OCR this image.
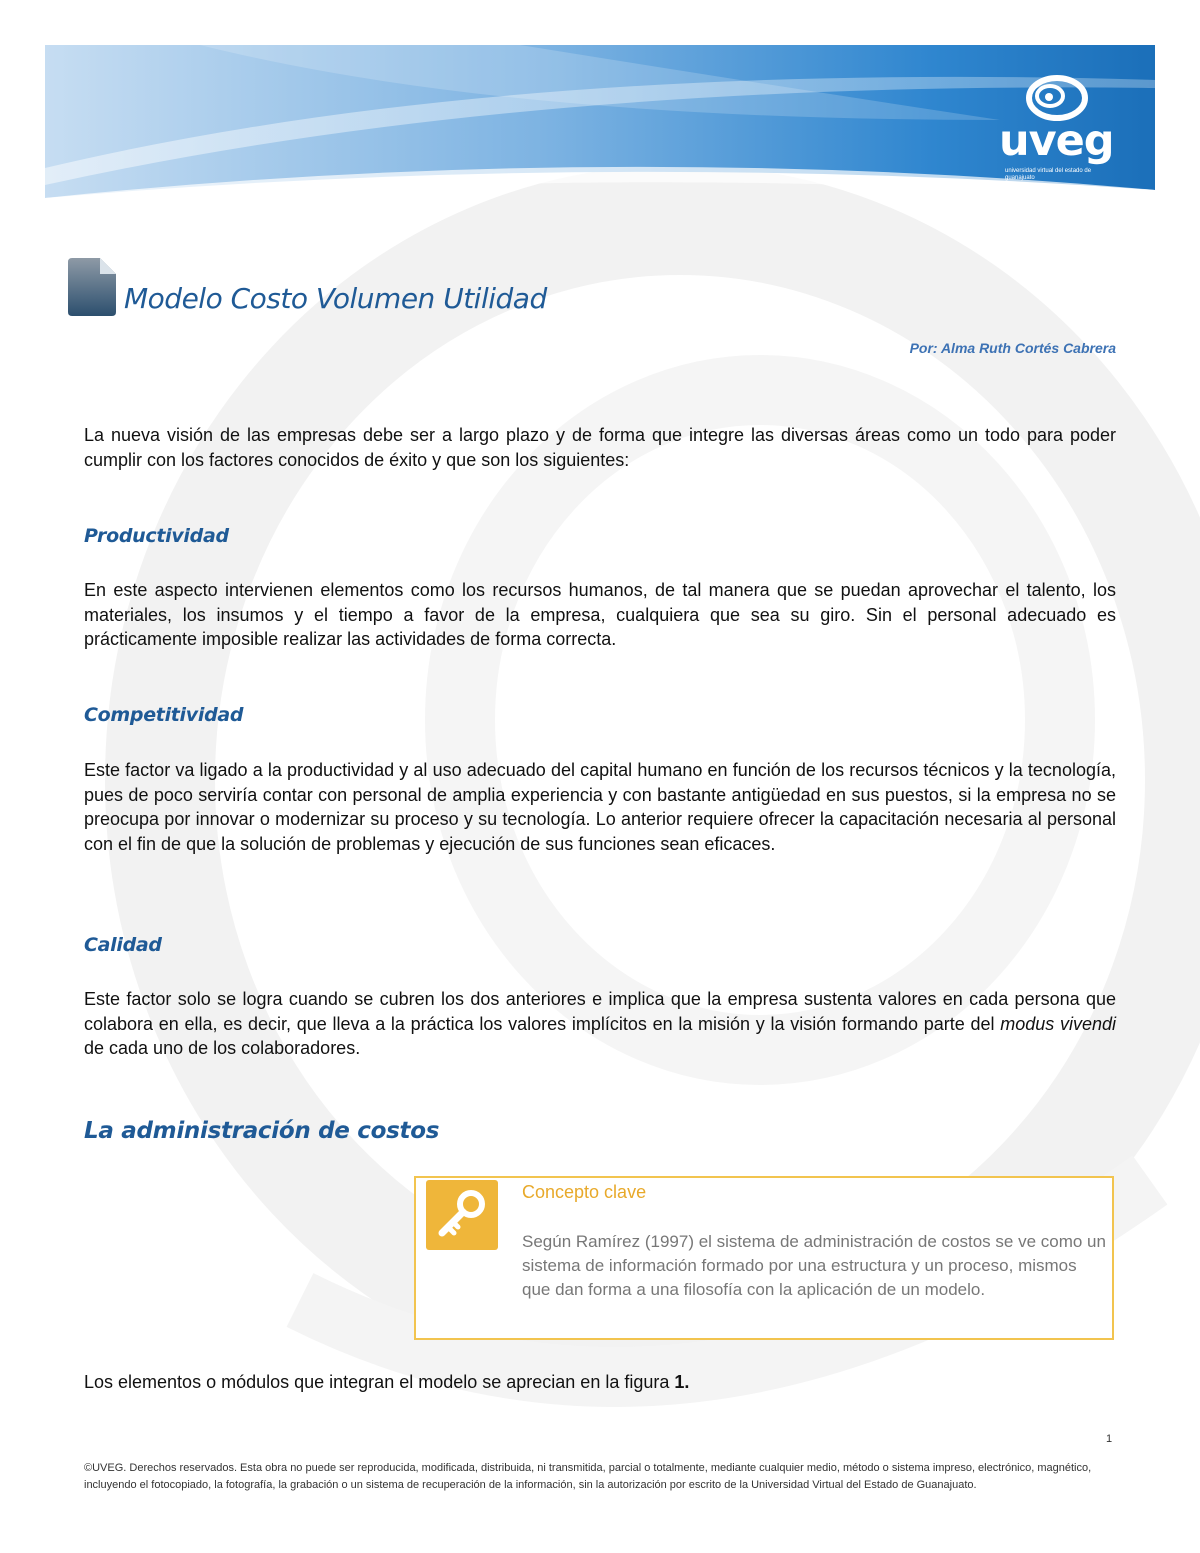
uveg
universidad virtual del estado de guanajuato
Modelo Costo Volumen Utilidad
Por: Alma Ruth Cortés Cabrera

La nueva visión de las empresas debe ser a largo plazo y de forma que integre las diversas áreas como un todo para poder cumplir con los factores conocidos de éxito y que son los siguientes:

Productividad

En este aspecto intervienen elementos como los recursos humanos, de tal manera que se puedan aprovechar el talento, los materiales, los insumos y el tiempo a favor de la empresa, cualquiera que sea su giro. Sin el personal adecuado es prácticamente imposible realizar las actividades de forma correcta.

Competitividad

Este factor va ligado a la productividad y al uso adecuado del capital humano en función de los recursos técnicos y la tecnología, pues de poco serviría contar con personal de amplia experiencia y con bastante antigüedad en sus puestos, si la empresa no se preocupa por innovar o modernizar su proceso y su tecnología. Lo anterior requiere ofrecer la capacitación necesaria al personal con el fin de que la solución de problemas y ejecución de sus funciones sean eficaces.

Calidad

Este factor solo se logra cuando se cubren los dos anteriores e implica que la empresa sustenta valores en cada persona que colabora en ella, es decir, que lleva a la práctica los valores implícitos en la misión y la visión formando parte del modus vivendi de cada uno de los colaboradores.

La administración de costos
Concepto clave

Según Ramírez (1997) el sistema de administración de costos se ve como un sistema de información formado por una estructura y un proceso, mismos que dan forma a una filosofía con la aplicación de un modelo.

Los elementos o módulos que integran el modelo se aprecian en la figura 1.

1

©UVEG. Derechos reservados. Esta obra no puede ser reproducida, modificada, distribuida, ni transmitida, parcial o totalmente, mediante cualquier medio, método o sistema impreso, electrónico, magnético, incluyendo el fotocopiado, la fotografía, la grabación o un sistema de recuperación de la información, sin la autorización por escrito de la Universidad Virtual del Estado de Guanajuato.
